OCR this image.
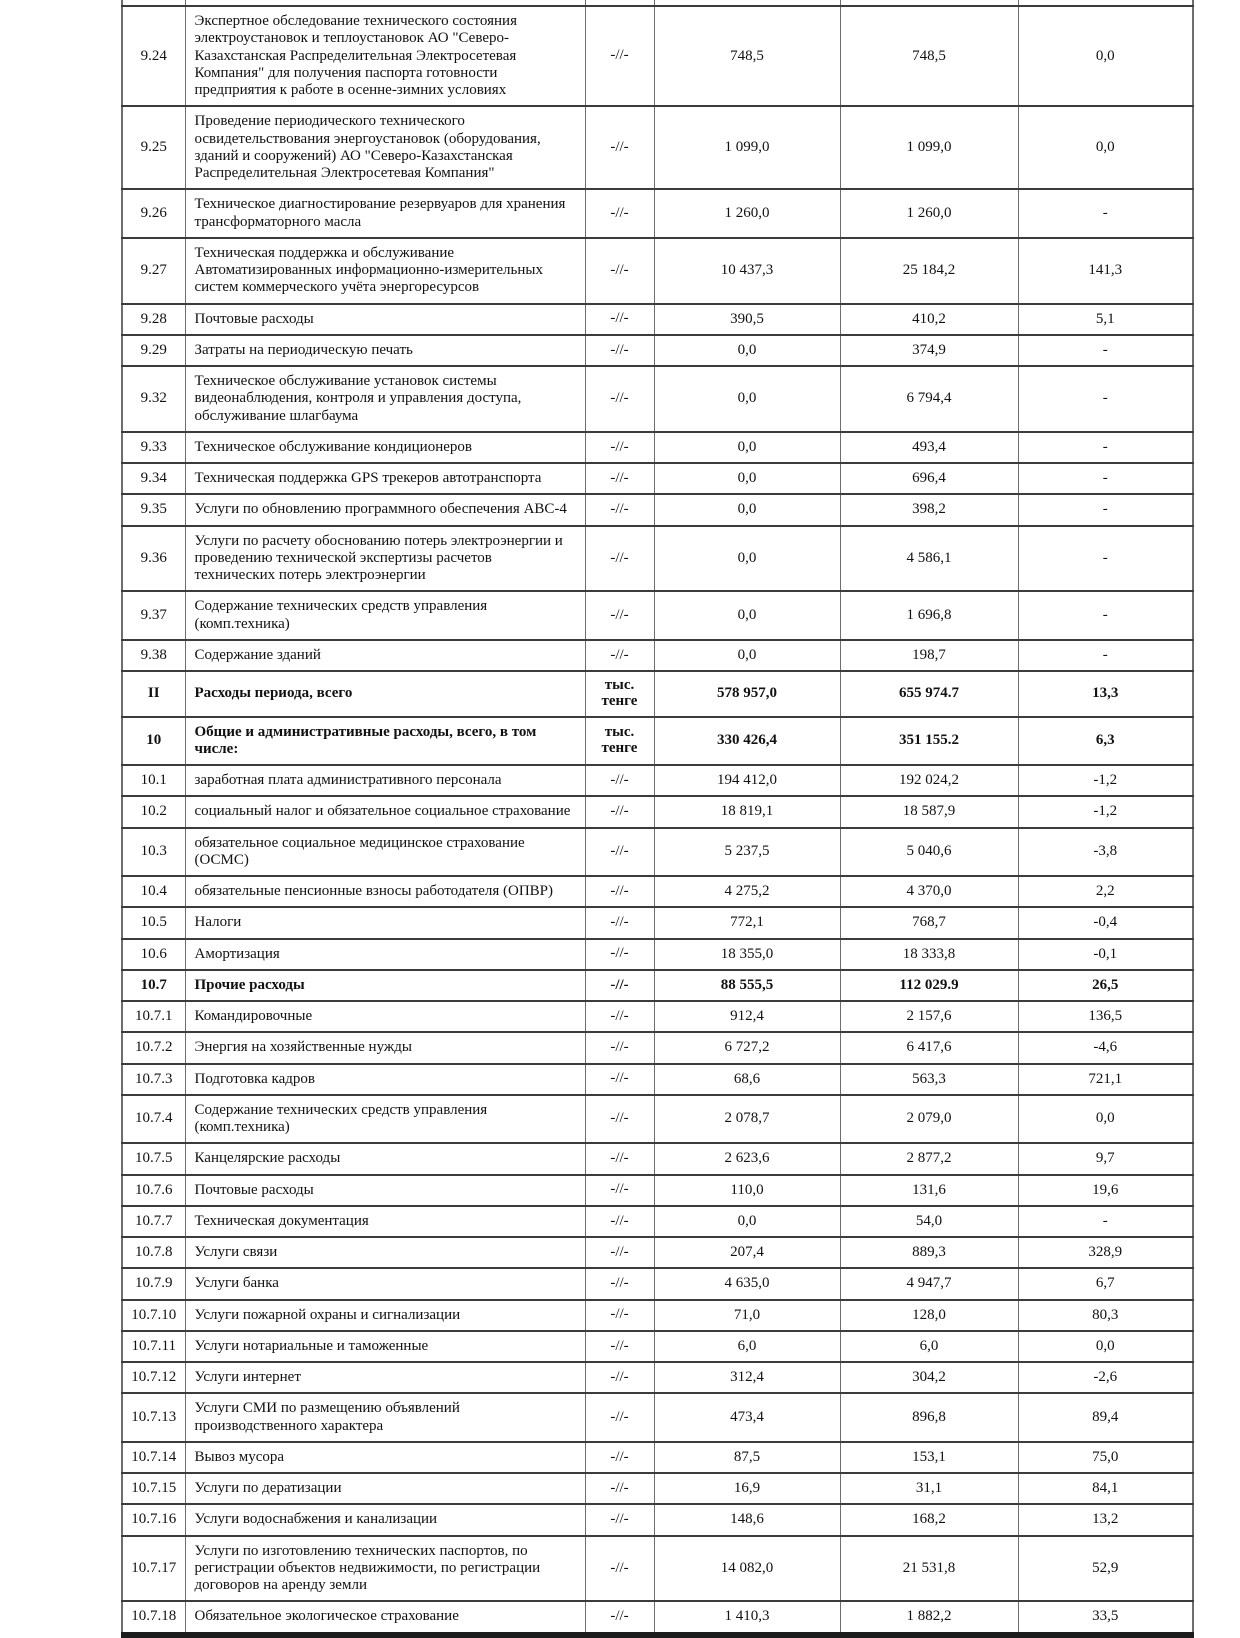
9.24	Экспертное обследование технического состояния электроустановок и теплоустановок АО "Северо-Казахстанская Распределительная Электросетевая Компания" для получения паспорта готовности предприятия к работе в осенне-зимних условиях	-//-	748,5	748,5	0,0
9.25	Проведение периодического технического освидетельствования энергоустановок (оборудования, зданий и сооружений) АО "Северо-Казахстанская Распределительная Электросетевая Компания"	-//-	1 099,0	1 099,0	0,0
9.26	Техническое диагностирование резервуаров для хранения трансформаторного масла	-//-	1 260,0	1 260,0	-
9.27	Техническая поддержка и обслуживание Автоматизированных информационно-измерительных систем коммерческого учёта энергоресурсов	-//-	10 437,3	25 184,2	141,3
9.28	Почтовые расходы	-//-	390,5	410,2	5,1
9.29	Затраты на периодическую печать	-//-	0,0	374,9	-
9.32	Техническое обслуживание установок системы видеонаблюдения, контроля и управления доступа, обслуживание шлагбаума	-//-	0,0	6 794,4	-
9.33	Техническое обслуживание кондиционеров	-//-	0,0	493,4	-
9.34	Техническая поддержка GPS трекеров автотранспорта	-//-	0,0	696,4	-
9.35	Услуги по обновлению программного обеспечения АВС-4	-//-	0,0	398,2	-
9.36	Услуги по расчету обоснованию потерь электроэнергии и проведению технической экспертизы расчетов технических потерь электроэнергии	-//-	0,0	4 586,1	-
9.37	Содержание технических средств управления (комп.техника)	-//-	0,0	1 696,8	-
9.38	Содержание зданий	-//-	0,0	198,7	-
II	Расходы периода, всего	тыс. тенге	578 957,0	655 974.7	13,3
10	Общие и административные расходы, всего, в том числе:	тыс. тенге	330 426,4	351 155.2	6,3
10.1	заработная плата административного персонала	-//-	194 412,0	192 024,2	-1,2
10.2	социальный налог и обязательное социальное страхование	-//-	18 819,1	18 587,9	-1,2
10.3	обязательное социальное медицинское страхование (ОСМС)	-//-	5 237,5	5 040,6	-3,8
10.4	обязательные пенсионные взносы работодателя (ОПВР)	-//-	4 275,2	4 370,0	2,2
10.5	Налоги	-//-	772,1	768,7	-0,4
10.6	Амортизация	-//-	18 355,0	18 333,8	-0,1
10.7	Прочие расходы	-//-	88 555,5	112 029.9	26,5
10.7.1	Командировочные	-//-	912,4	2 157,6	136,5
10.7.2	Энергия на хозяйственные нужды	-//-	6 727,2	6 417,6	-4,6
10.7.3	Подготовка кадров	-//-	68,6	563,3	721,1
10.7.4	Содержание технических средств управления (комп.техника)	-//-	2 078,7	2 079,0	0,0
10.7.5	Канцелярские расходы	-//-	2 623,6	2 877,2	9,7
10.7.6	Почтовые расходы	-//-	110,0	131,6	19,6
10.7.7	Техническая документация	-//-	0,0	54,0	-
10.7.8	Услуги связи	-//-	207,4	889,3	328,9
10.7.9	Услуги банка	-//-	4 635,0	4 947,7	6,7
10.7.10	Услуги пожарной охраны и сигнализации	-//-	71,0	128,0	80,3
10.7.11	Услуги нотариальные и таможенные	-//-	6,0	6,0	0,0
10.7.12	Услуги интернет	-//-	312,4	304,2	-2,6
10.7.13	Услуги СМИ по размещению объявлений производственного характера	-//-	473,4	896,8	89,4
10.7.14	Вывоз мусора	-//-	87,5	153,1	75,0
10.7.15	Услуги по дератизации	-//-	16,9	31,1	84,1
10.7.16	Услуги водоснабжения и канализации	-//-	148,6	168,2	13,2
10.7.17	Услуги по изготовлению технических паспортов, по регистрации объектов недвижимости, по регистрации договоров на аренду земли	-//-	14 082,0	21 531,8	52,9
10.7.18	Обязательное экологическое страхование	-//-	1 410,3	1 882,2	33,5
